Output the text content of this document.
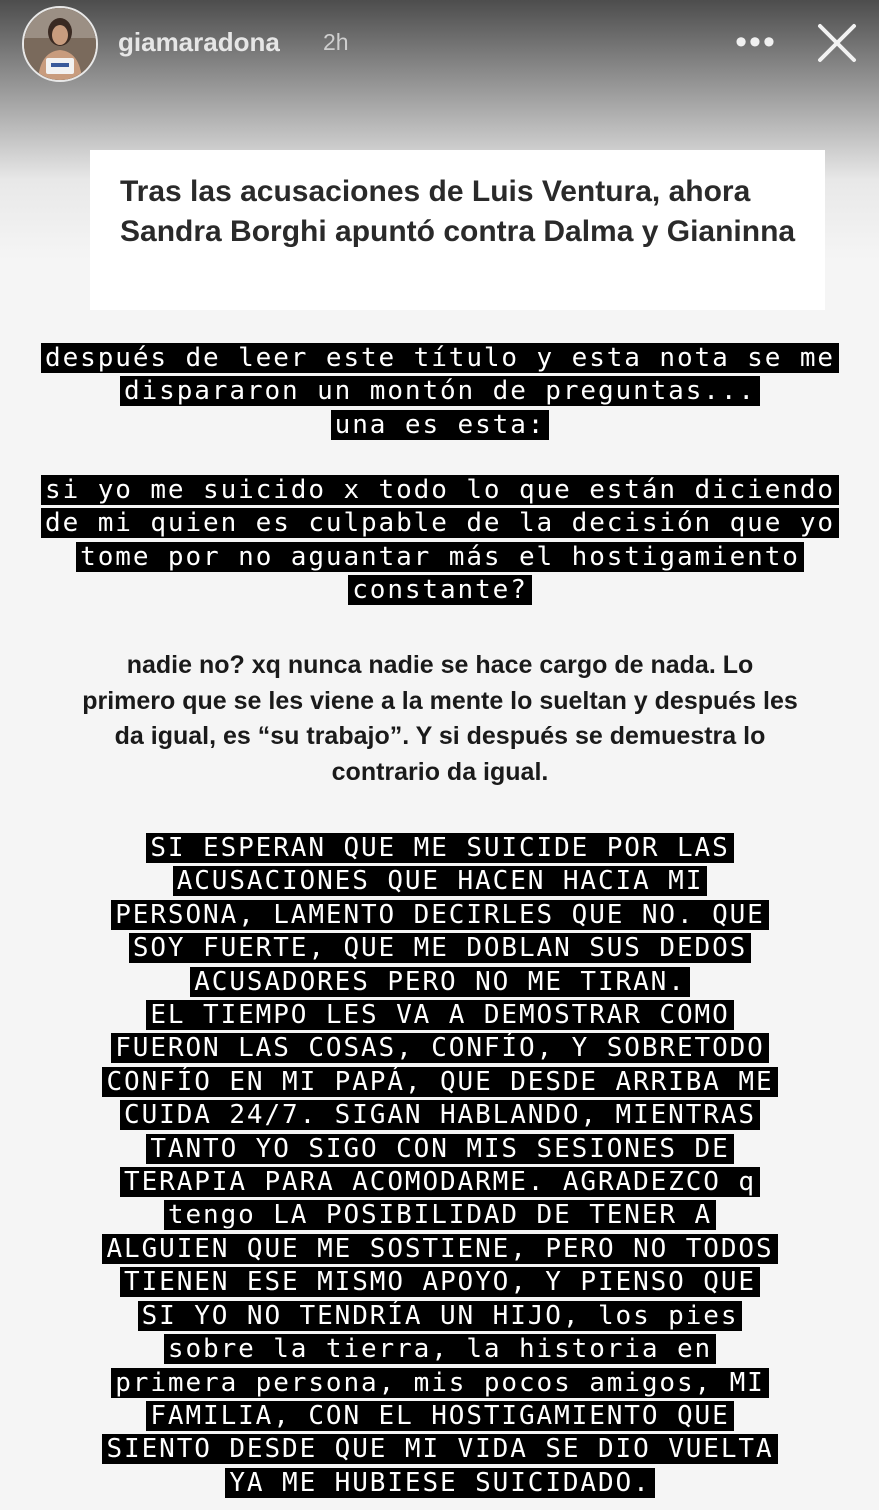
giamaradona 2h	•••

Tras las acusaciones de Luis Ventura, ahora Sandra Borghi apuntó contra Dalma y Gianinna

después de leer este título y esta nota se me
dispararon un montón de preguntas...
una es esta:

si yo me suicido x todo lo que están diciendo
de mi quien es culpable de la decisión que yo
tome por no aguantar más el hostigamiento
constante?

nadie no? xq nunca nadie se hace cargo de nada. Lo primero que se les viene a la mente lo sueltan y después les da igual, es “su trabajo”. Y si después se demuestra lo contrario da igual.

SI ESPERAN QUE ME SUICIDE POR LAS
ACUSACIONES QUE HACEN HACIA MI
PERSONA, LAMENTO DECIRLES QUE NO. QUE
SOY FUERTE, QUE ME DOBLAN SUS DEDOS
ACUSADORES PERO NO ME TIRAN.
EL TIEMPO LES VA A DEMOSTRAR COMO
FUERON LAS COSAS, CONFÍO, Y SOBRETODO
CONFÍO EN MI PAPÁ, QUE DESDE ARRIBA ME
CUIDA 24/7. SIGAN HABLANDO, MIENTRAS
TANTO YO SIGO CON MIS SESIONES DE
TERAPIA PARA ACOMODARME. AGRADEZCO q
tengo LA POSIBILIDAD DE TENER A
ALGUIEN QUE ME SOSTIENE, PERO NO TODOS
TIENEN ESE MISMO APOYO, Y PIENSO QUE
SI YO NO TENDRÍA UN HIJO, los pies
sobre la tierra, la historia en
primera persona, mis pocos amigos, MI
FAMILIA, CON EL HOSTIGAMIENTO QUE
SIENTO DESDE QUE MI VIDA SE DIO VUELTA
YA ME HUBIESE SUICIDADO.
